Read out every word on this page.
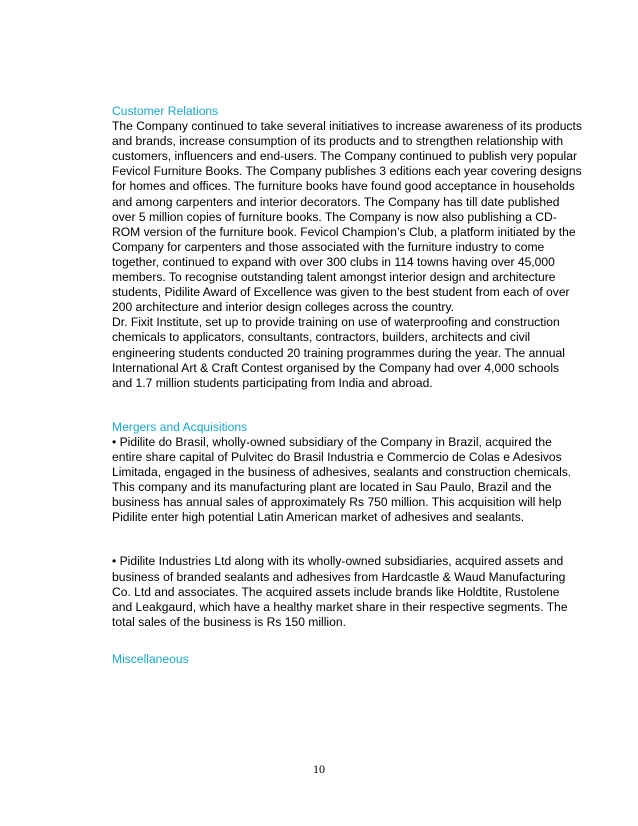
Customer Relations

The Company continued to take several initiatives to increase awareness of its products and brands, increase consumption of its products and to strengthen relationship with customers, influencers and end-users. The Company continued to publish very popular Fevicol Furniture Books. The Company publishes 3 editions each year covering designs for homes and offices. The furniture books have found good acceptance in households and among carpenters and interior decorators. The Company has till date published over 5 million copies of furniture books. The Company is now also publishing a CD-ROM version of the furniture book. Fevicol Champion’s Club, a platform initiated by the Company for carpenters and those associated with the furniture industry to come together, continued to expand with over 300 clubs in 114 towns having over 45,000 members. To recognise outstanding talent amongst interior design and architecture students, Pidilite Award of Excellence was given to the best student from each of over 200 architecture and interior design colleges across the country.

Dr. Fixit Institute, set up to provide training on use of waterproofing and construction chemicals to applicators, consultants, contractors, builders, architects and civil engineering students conducted 20 training programmes during the year. The annual International Art & Craft Contest organised by the Company had over 4,000 schools and 1.7 million students participating from India and abroad.

Mergers and Acquisitions

• Pidilite do Brasil, wholly-owned subsidiary of the Company in Brazil, acquired the entire share capital of Pulvitec do Brasil Industria e Commercio de Colas e Adesivos Limitada, engaged in the business of adhesives, sealants and construction chemicals. This company and its manufacturing plant are located in Sau Paulo, Brazil and the business has annual sales of approximately Rs 750 million. This acquisition will help Pidilite enter high potential Latin American market of adhesives and sealants.

• Pidilite Industries Ltd along with its wholly-owned subsidiaries, acquired assets and business of branded sealants and adhesives from Hardcastle & Waud Manufacturing Co. Ltd and associates. The acquired assets include brands like Holdtite, Rustolene and Leakgaurd, which have a healthy market share in their respective segments. The total sales of the business is Rs 150 million.

Miscellaneous

10
